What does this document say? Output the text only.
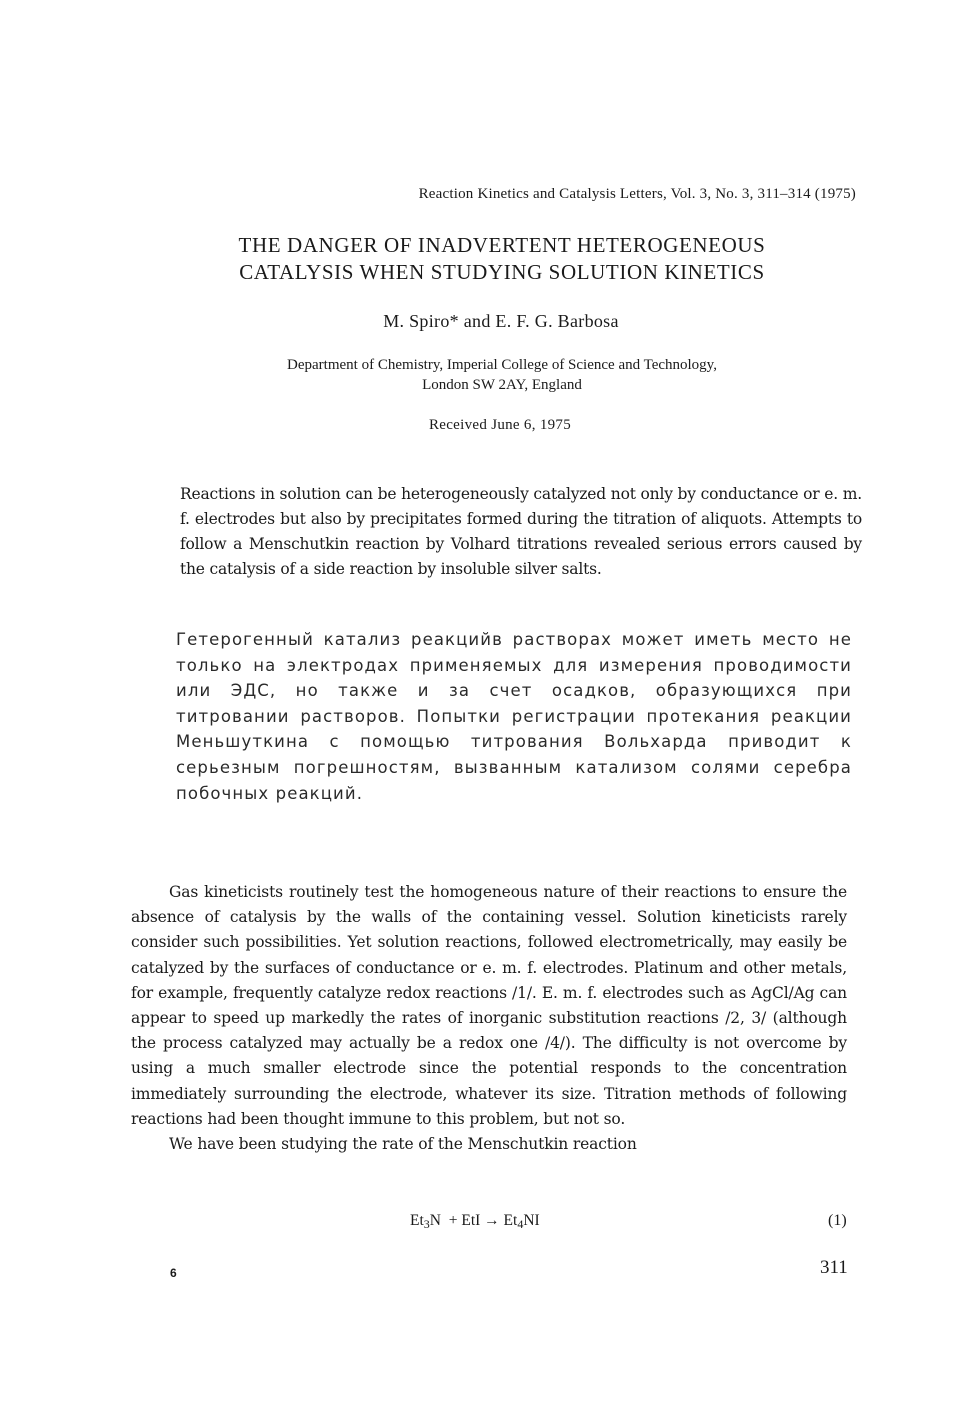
Reaction Kinetics and Catalysis Letters, Vol. 3, No. 3, 311–314 (1975)
THE DANGER OF INADVERTENT HETEROGENEOUS
CATALYSIS WHEN STUDYING SOLUTION KINETICS
M. Spiro* and E. F. G. Barbosa
Department of Chemistry, Imperial College of Science and Technology,
London SW 2AY, England
Received June 6, 1975
Reactions in solution can be heterogeneously catalyzed not only by conductance or e. m. f. electrodes but also by precipitates formed during the titration of aliquots. Attempts to follow a Menschutkin reaction by Volhard titrations revealed serious errors caused by the catalysis of a side reaction by insoluble silver salts.
Гетерогенный катализ реакцийв растворах может иметь место не только на электродах применяемых для измерения проводимости или ЭДС, но также и за счет осадков, образующихся при титровании растворов. Попытки регистрации протекания реакции Меньшуткина с помощью титрования Вольхарда приводит к серьезным погрешностям, вызванным катализом солями серебра побочных реакций.

Gas kineticists routinely test the homogeneous nature of their reactions to ensure the absence of catalysis by the walls of the containing vessel. Solution kineticists rarely consider such possibilities. Yet solution reactions, followed electrometrically, may easily be catalyzed by the surfaces of conductance or e. m. f. electrodes. Platinum and other metals, for example, frequently catalyze redox reactions /1/. E. m. f. electrodes such as AgCl/Ag can appear to speed up markedly the rates of inorganic substitution reactions /2, 3/ (although the process catalyzed may actually be a redox one /4/). The difficulty is not overcome by using a much smaller electrode since the potential responds to the concentration immediately surrounding the electrode, whatever its size. Titration methods of following reactions had been thought immune to this problem, but not so.

We have been studying the rate of the Menschutkin reaction

$Et_3N$ + EtI → $Et_4NI$	(1)
6	311
